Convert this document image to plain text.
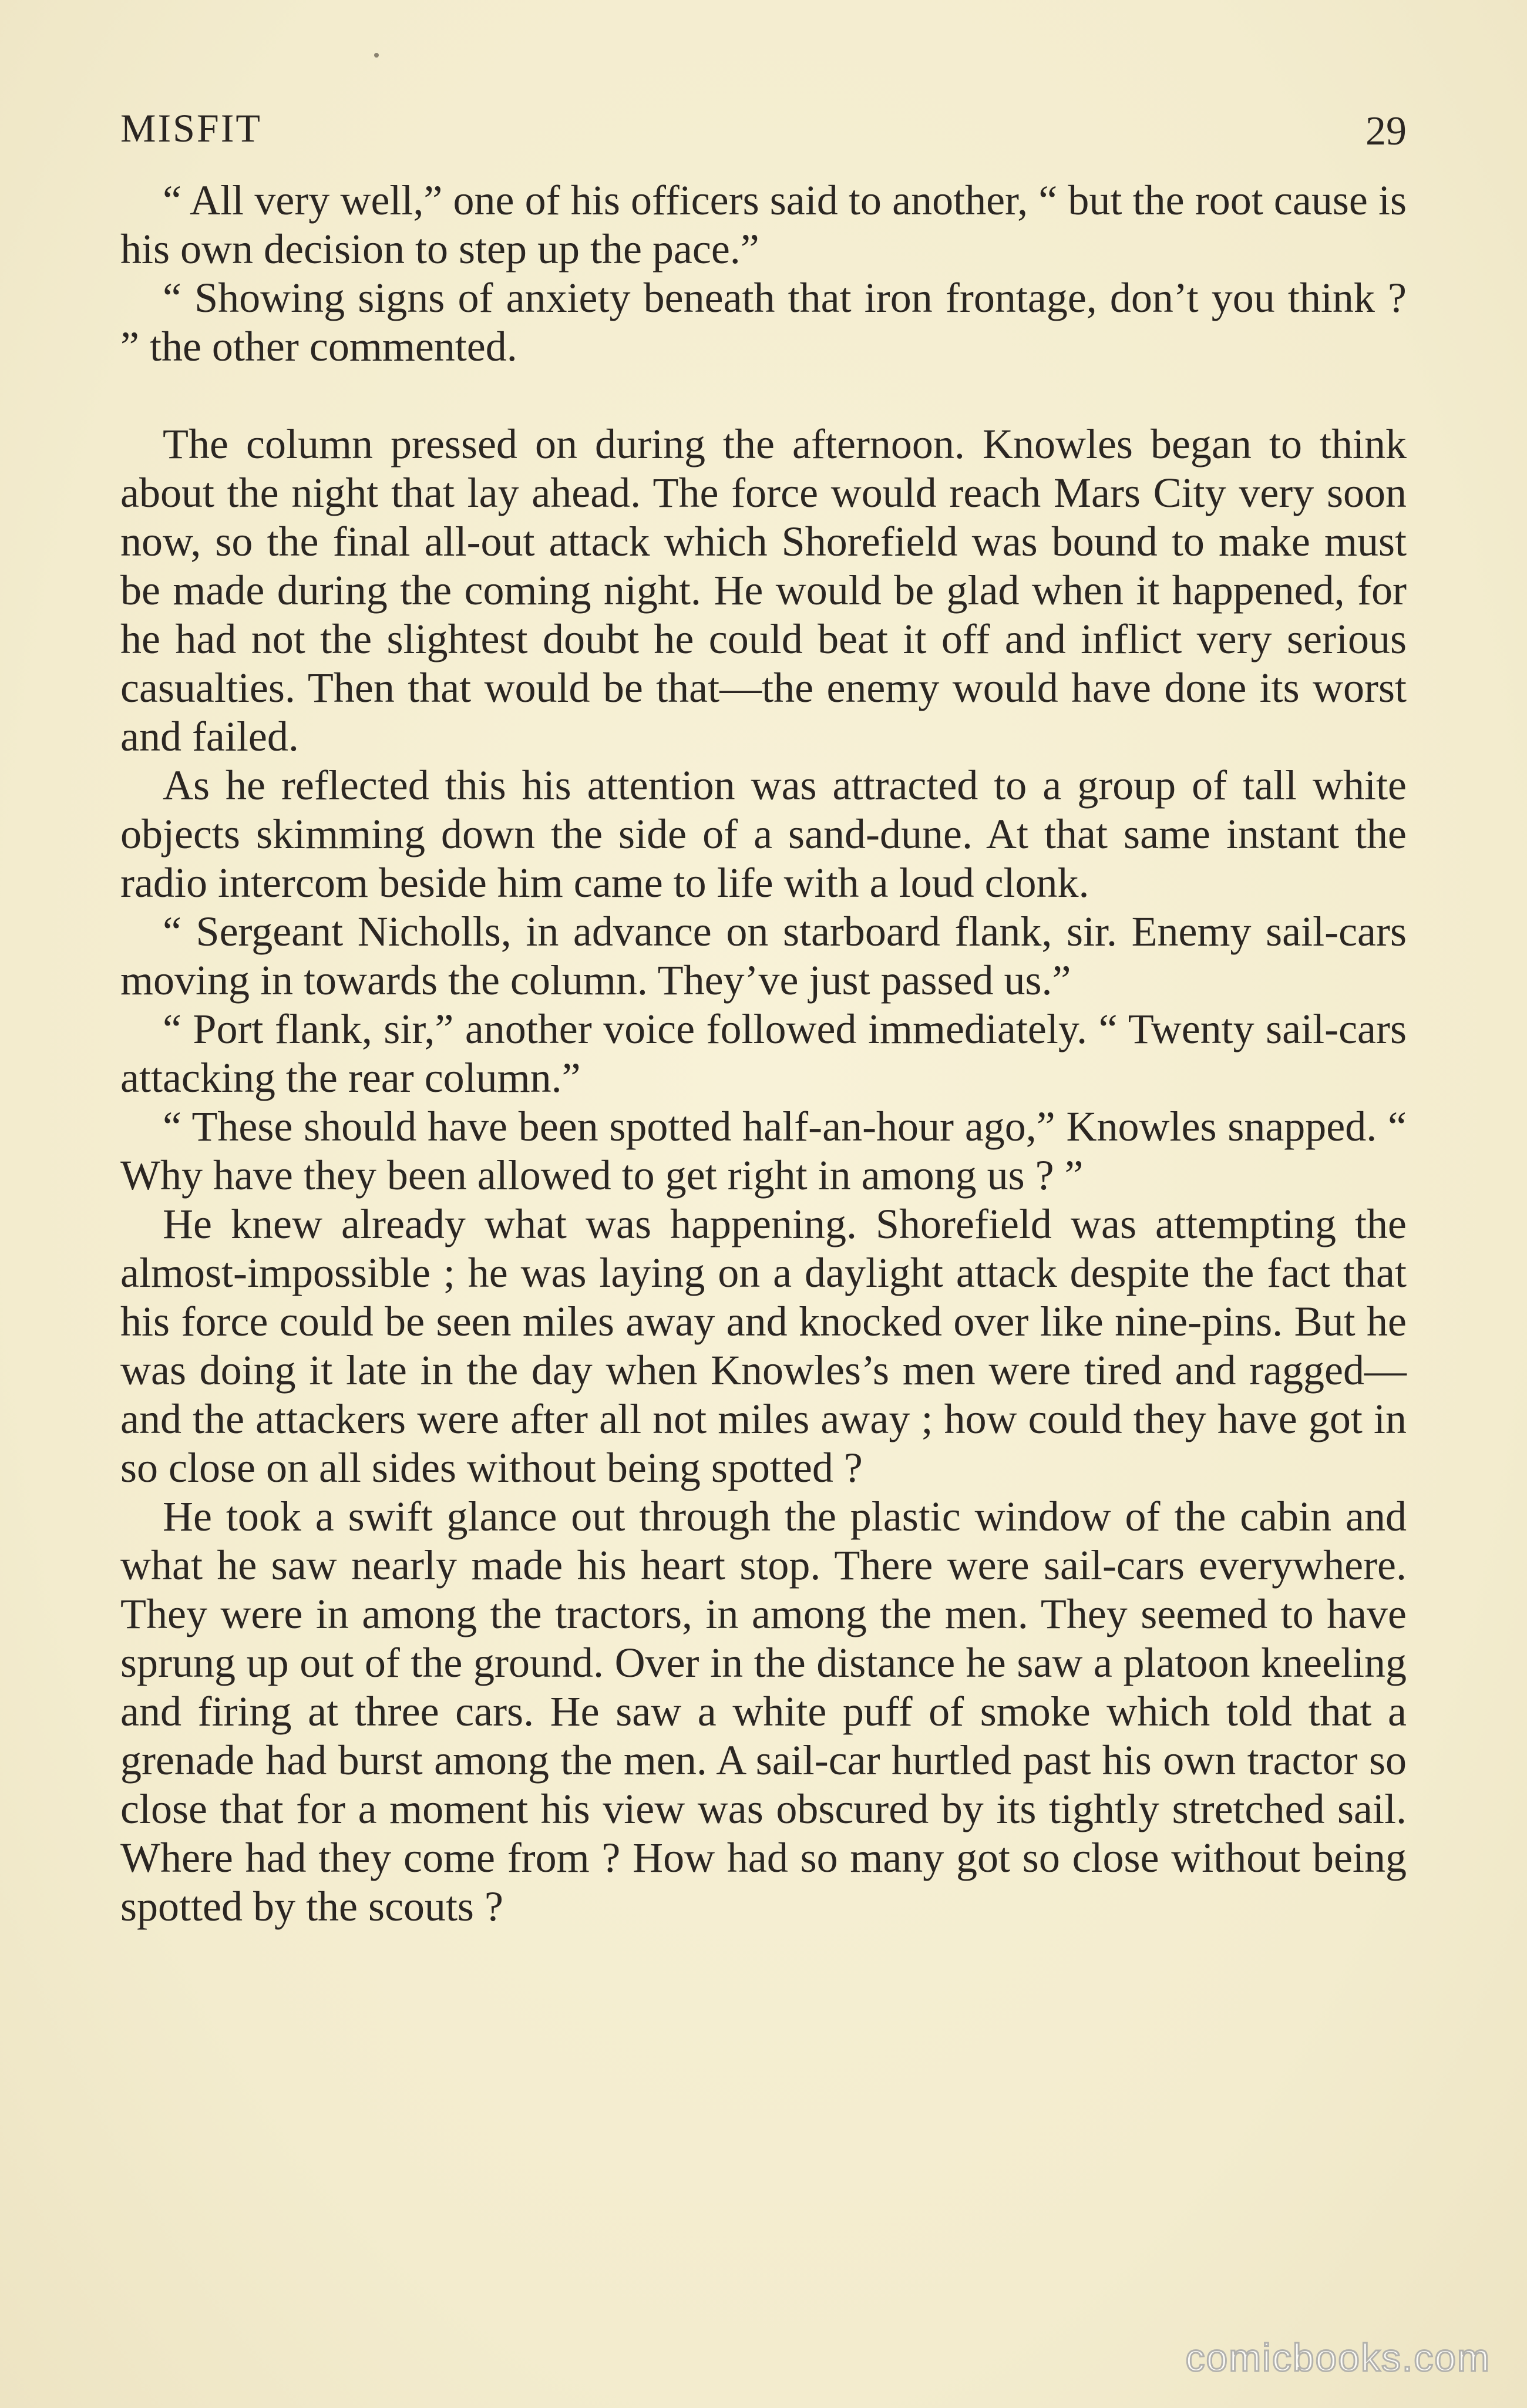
MISFIT	29

“ All very well,” one of his officers said to another, “ but the root cause is his own decision to step up the pace.”

“ Showing signs of anxiety beneath that iron frontage, don’t you think ? ” the other commented.

The column pressed on during the afternoon. Knowles began to think about the night that lay ahead. The force would reach Mars City very soon now, so the final all-out attack which Shorefield was bound to make must be made during the coming night. He would be glad when it happened, for he had not the slightest doubt he could beat it off and inflict very serious casualties. Then that would be that—the enemy would have done its worst and failed.

As he reflected this his attention was attracted to a group of tall white objects skimming down the side of a sand-dune. At that same instant the radio intercom beside him came to life with a loud clonk.

“ Sergeant Nicholls, in advance on starboard flank, sir. Enemy sail-cars moving in towards the column. They’ve just passed us.”

“ Port flank, sir,” another voice followed immediately. “ Twenty sail-cars attacking the rear column.”

“ These should have been spotted half-an-hour ago,” Knowles snapped. “ Why have they been allowed to get right in among us ? ”

He knew already what was happening. Shorefield was attempting the almost-impossible ; he was laying on a daylight attack despite the fact that his force could be seen miles away and knocked over like nine-pins. But he was doing it late in the day when Knowles’s men were tired and ragged—and the attackers were after all not miles away ; how could they have got in so close on all sides without being spotted ?

He took a swift glance out through the plastic window of the cabin and what he saw nearly made his heart stop. There were sail-cars everywhere. They were in among the tractors, in among the men. They seemed to have sprung up out of the ground. Over in the distance he saw a platoon kneeling and firing at three cars. He saw a white puff of smoke which told that a grenade had burst among the men. A sail-car hurtled past his own tractor so close that for a moment his view was obscured by its tightly stretched sail. Where had they come from ? How had so many got so close without being spotted by the scouts ?

comicbooks.com
